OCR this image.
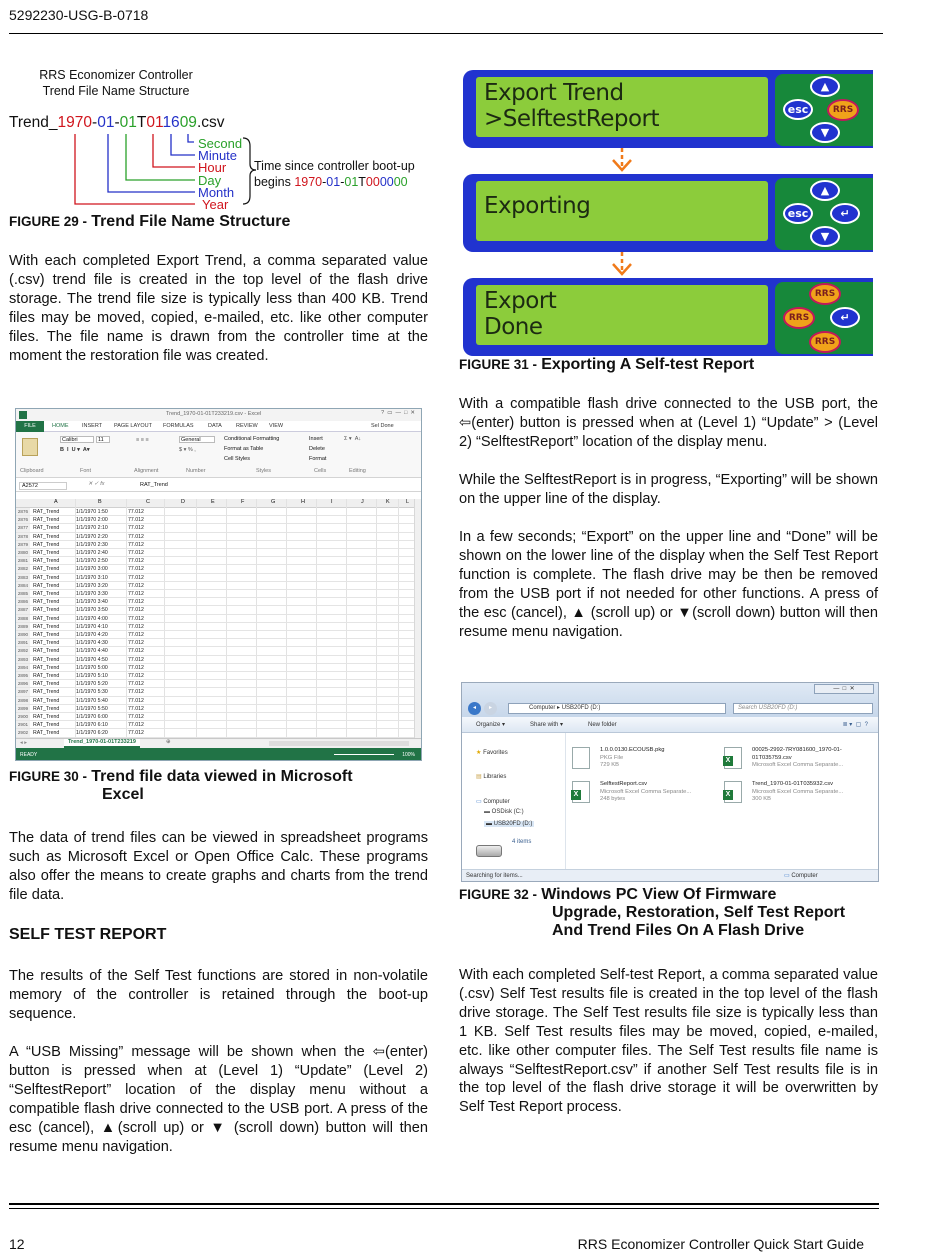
5292230-USG-B-0718
12	RRS Economizer Controller Quick Start Guide
RRS Economizer Controller
Trend File Name Structure
Trend_1970-01-01T011609.csv
Second
Minute
Hour
Day
Month
Year
Time since controller boot-up
begins 1970-01-01T000000
FIGURE 29 - Trend File Name Structure
With each completed Export Trend, a comma separated value (.csv) trend file is created in the top level of the flash drive storage. The trend file size is typically less than 400 KB. Trend files may be moved, copied, e-mailed, etc. like other computer files. The file name is drawn from the controller time at the moment the restoration file was created.
Trend_1970-01-01T233219.csv - Excel	?  ▭  —  □  ✕
FILE	HOME INSERT PAGE LAYOUT FORMULAS	DATA	REVIEW VIEW	Sel Done
Calibri	11
B  I  U ▾  A▾
≡ ≡ ≡	General
$ ▾ % ,
Conditional Formatting
Format as Table
Cell Styles
Insert
Delete
Format
Σ ▾  A↓
Clipboard	Font	Alignment	Number	Styles	Cells	Editing
A2572	✕ ✓ fx	RAT_Trend
A	B	C	D	E	F	G	H	I	J	K	L
2876 RAT_Trend	1/1/1970 1:50	77.012
2876 RAT_Trend	1/1/1970 2:00	77.012
2877 RAT_Trend	1/1/1970 2:10	77.012
2878 RAT_Trend	1/1/1970 2:20	77.012
2879 RAT_Trend	1/1/1970 2:30	77.012
2880 RAT_Trend	1/1/1970 2:40	77.012
2881 RAT_Trend	1/1/1970 2:50	77.012
2882 RAT_Trend	1/1/1970 3:00	77.012
2883 RAT_Trend	1/1/1970 3:10	77.012
2884 RAT_Trend	1/1/1970 3:20	77.012
2885 RAT_Trend	1/1/1970 3:30	77.012
2886 RAT_Trend	1/1/1970 3:40	77.012
2887 RAT_Trend	1/1/1970 3:50	77.012
2888 RAT_Trend	1/1/1970 4:00	77.012
2889 RAT_Trend	1/1/1970 4:10	77.012
2890 RAT_Trend	1/1/1970 4:20	77.012
2891 RAT_Trend	1/1/1970 4:30	77.012
2892 RAT_Trend	1/1/1970 4:40	77.012
2893 RAT_Trend	1/1/1970 4:50	77.012
2894 RAT_Trend	1/1/1970 5:00	77.012
2895 RAT_Trend	1/1/1970 5:10	77.012
2896 RAT_Trend	1/1/1970 5:20	77.012
2897 RAT_Trend	1/1/1970 5:30	77.012
2898 RAT_Trend	1/1/1970 5:40	77.012
2899 RAT_Trend	1/1/1970 5:50	77.012
2900 RAT_Trend	1/1/1970 6:00	77.012
2901 RAT_Trend	1/1/1970 6:10	77.012
2902 RAT_Trend	1/1/1970 6:20	77.012
◂ ▸	Trend_1970-01-01T233219	⊕
READY	100%
FIGURE 30 - Trend file data viewed in Microsoft
Excel
The data of trend files can be viewed in spreadsheet programs such as Microsoft Excel or Open Office Calc. These programs also offer the means to create graphs and charts from the trend file data.
SELF TEST REPORT
The results of the Self Test functions are stored in non-volatile memory of the controller is retained through the boot-up sequence.
A “USB Missing” message will be shown when the ⇦(enter) button is pressed when at (Level 1) “Update” (Level 2) “SelftestReport” location of the display menu without a compatible flash drive connected to the USB port. A press of the esc (cancel), ▲(scroll up) or ▼ (scroll down) button will then resume menu navigation.
Export Trend
>SelftestReport
▲
esc	RRS
▼
Exporting
▲
esc	↵
▼
Export
Done
RRS
RRS	↵
RRS
FIGURE 31 - Exporting A Self-test Report
With a compatible flash drive connected to the USB port, the ⇦(enter) button is pressed when at (Level 1) “Update” > (Level 2) “SelftestReport” location of the display menu.
While the SelftestReport is in progress, “Exporting” will be shown on the upper line of the display.
In a few seconds; “Export” on the upper line and “Done” will be shown on the lower line of the display when the Self Test Report function is complete. The flash drive may be then be removed from the USB port if not needed for other functions. A press of the esc (cancel), ▲ (scroll up) or ▼(scroll down) button will then resume menu navigation.
—  □  ✕
◂	▸	Computer ▸ USB20FD (D:)	Search USB20FD (D:)
Organize ▾	Share with ▾	New folder	≣ ▾  ▢  ?
★ Favorites
▤ Libraries
▭ Computer
▬ OSDisk (C:)
▬ USB20FD (D:)
4 items
1.0.0.0130.ECOUSB.pkg
PKG File
729 KB
X
00025-2992-7RY081600_1970-01-01T035759.csv
Microsoft Excel Comma Separate...
X
SelftestReport.csv
Microsoft Excel Comma Separate...
248 bytes
X
Trend_1970-01-01T035932.csv
Microsoft Excel Comma Separate...
300 KB
Searching for items...	▭ Computer
FIGURE 32 - Windows PC View Of Firmware
Upgrade, Restoration, Self Test Report
And Trend Files On A Flash Drive
With each completed Self-test Report, a comma separated value (.csv) Self Test results file is created in the top level of the flash drive storage. The Self Test results file size is typically less than 1 KB. Self Test results files may be moved, copied, e-mailed, etc. like other computer files. The Self Test results file name is always “SelftestReport.csv” if another Self Test results file is in the top level of the flash drive storage it will be overwritten by Self Test Report process.
